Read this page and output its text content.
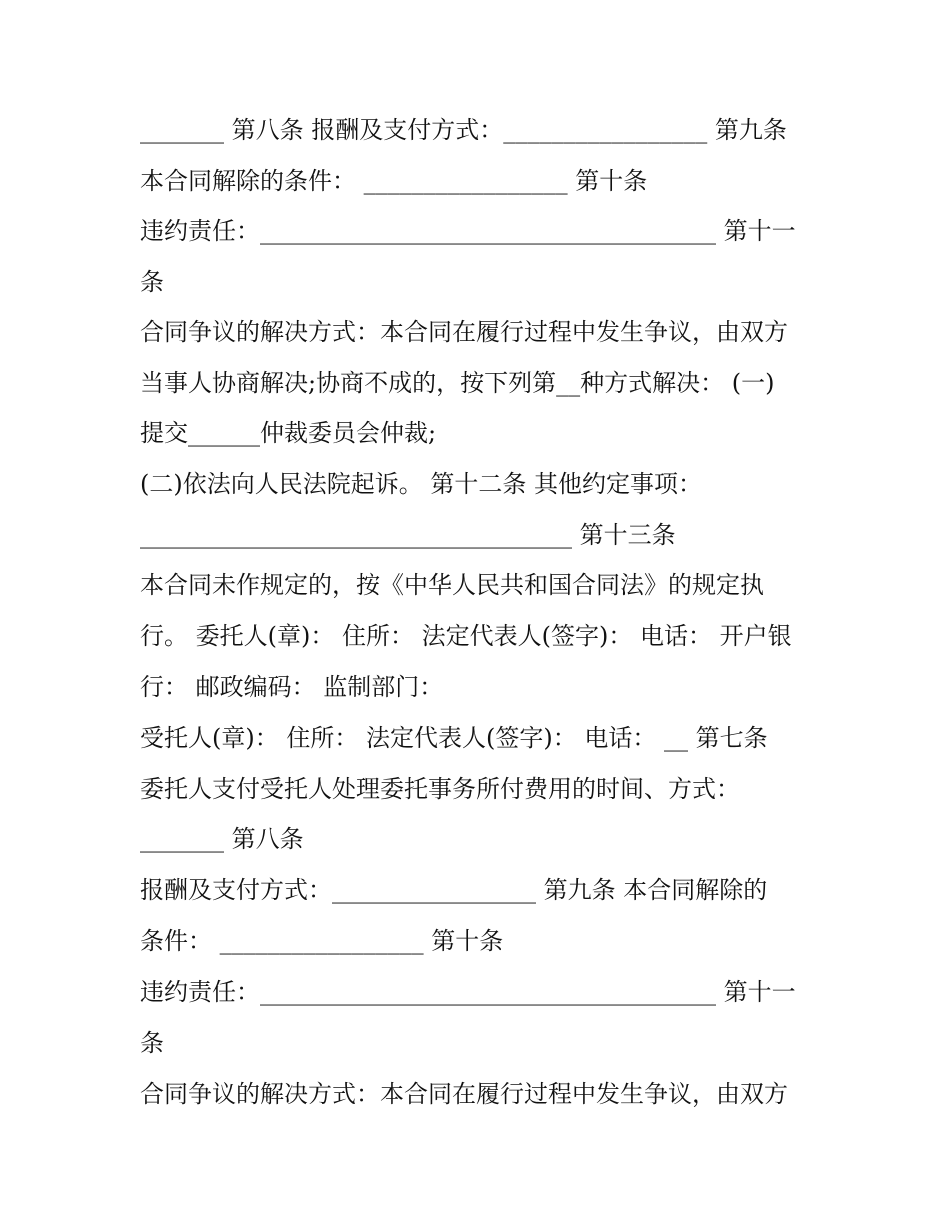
_______ 第八条 报酬及支付方式：_________________ 第九条
本合同解除的条件： _________________ 第十条
违约责任：______________________________________ 第十一
条
合同争议的解决方式：本合同在履行过程中发生争议，由双方
当事人协商解决;协商不成的，按下列第__种方式解决： (一)
提交______仲裁委员会仲裁;
(二)依法向人民法院起诉。 第十二条 其他约定事项：
____________________________________ 第十三条
本合同未作规定的，按《中华人民共和国合同法》的规定执
行。 委托人(章)： 住所： 法定代表人(签字)： 电话： 开户银
行： 邮政编码： 监制部门：
受托人(章)： 住所： 法定代表人(签字)： 电话： __ 第七条
委托人支付受托人处理委托事务所付费用的时间、方式：
_______ 第八条
报酬及支付方式：_________________ 第九条 本合同解除的
条件： _________________ 第十条
违约责任：______________________________________ 第十一
条
合同争议的解决方式：本合同在履行过程中发生争议，由双方
